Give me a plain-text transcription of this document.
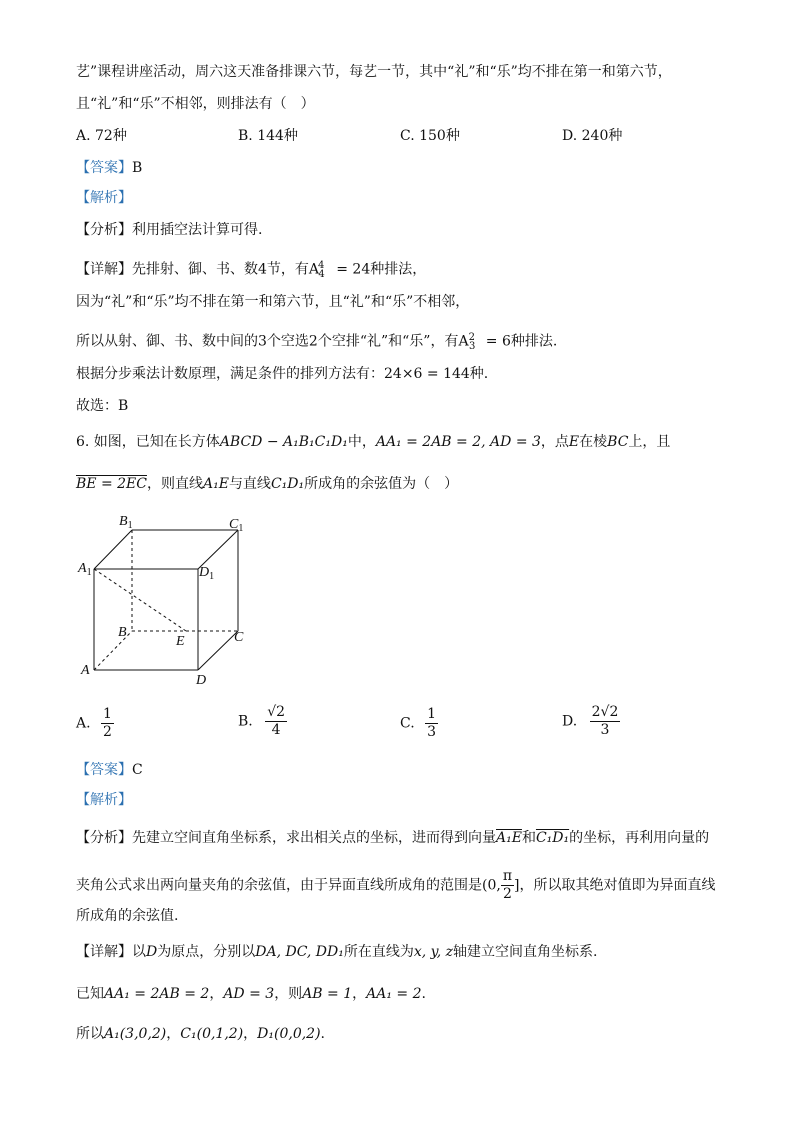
艺”课程讲座活动，周六这天准备排课六节，每艺一节，其中“礼”和“乐”均不排在第一和第六节，
且“礼”和“乐”不相邻，则排法有（　）
A. 72种	B. 144种	C. 150种	D. 240种
【答案】B
【解析】
【分析】利用插空法计算可得.
【详解】先排射、御、书、数4节，有$A^4_4 = 24$种排法，
因为“礼”和“乐”均不排在第一和第六节，且“礼”和“乐”不相邻，
所以从射、御、书、数中间的3个空选2个空排“礼”和“乐”，有$A^2_3 = 6$种排法.
根据分步乘法计数原理，满足条件的排列方法有：24×6 = 144种.
故选：B
6. 如图，已知在长方体ABCD − A₁B₁C₁D₁中，AA₁ = 2AB = 2, AD = 3，点E在棱BC上，且
BE = 2EC，则直线A₁E与直线C₁D₁所成角的余弦值为（　）
$B_1$	$C_1$
$A_1$	$D_1$
B
E	C
A
D
A. $\frac{1}{2}$	B. $\frac{√2}{4}$	C. $\frac{1}{3}$	D. $\frac{2√2}{3}$
【答案】C
【解析】
【分析】先建立空间直角坐标系，求出相关点的坐标，进而得到向量A₁E和C₁D₁的坐标，再利用向量的
夹角公式求出两向量夹角的余弦值，由于异面直线所成角的范围是(0, $\frac{\pi}{2}$ ]，所以取其绝对值即为异面直线
所成角的余弦值.
【详解】以D为原点，分别以DA, DC, DD₁所在直线为x, y, z轴建立空间直角坐标系.
已知AA₁ = 2AB = 2，AD = 3，则AB = 1，AA₁ = 2.
所以A₁(3,0,2)，C₁(0,1,2)，D₁(0,0,2).
